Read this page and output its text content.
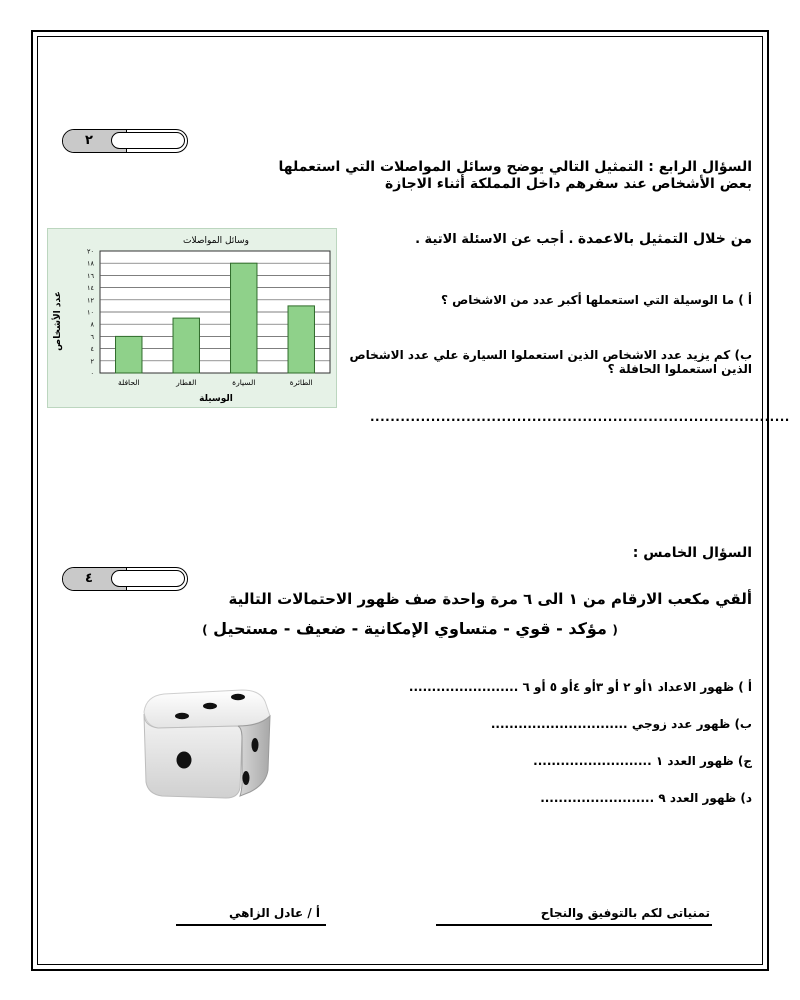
٢
السؤال الرابع : التمثيل التالي يوضح وسائل المواصلات التي استعملها
بعض الأشخاص عند سفرهم داخل المملكة أثناء الاجازة
من خلال التمثيل بالاعمدة . أجب عن الاسئلة الاتية .
أ ) ما الوسيلة التي استعملها أكبر عدد من الاشخاص ؟
ب) كم يزيد عدد الاشخاص الذين استعملوا السيارة علي عدد الاشخاص
الذين استعملوا الحافلة ؟
...................................................................................
وسائل المواصلات
عدد الأشخاص
الوسيلة
٠
٢
٤
٦
٨
١٠
١٢
١٤
١٦
١٨
٢٠
الحافلة	القطار	السيارة	الطائرة
السؤال الخامس :
٤
ألقي مكعب الارقام من ١ الى ٦ مرة واحدة صف ظهور الاحتمالات التالية
( مؤكد - قوي - متساوي الإمكانية - ضعيف - مستحيل )
أ ) ظهور الاعداد ١أو ٢ أو ٣أو ٤أو ٥ أو ٦ ........................
ب) ظهور عدد زوجي ..............................
ج) ظهور العدد ١ ..........................
د) ظهور العدد ٩ .........................
تمنياتى لكم بالتوفيق والنجاح
أ / عادل الزاهي
